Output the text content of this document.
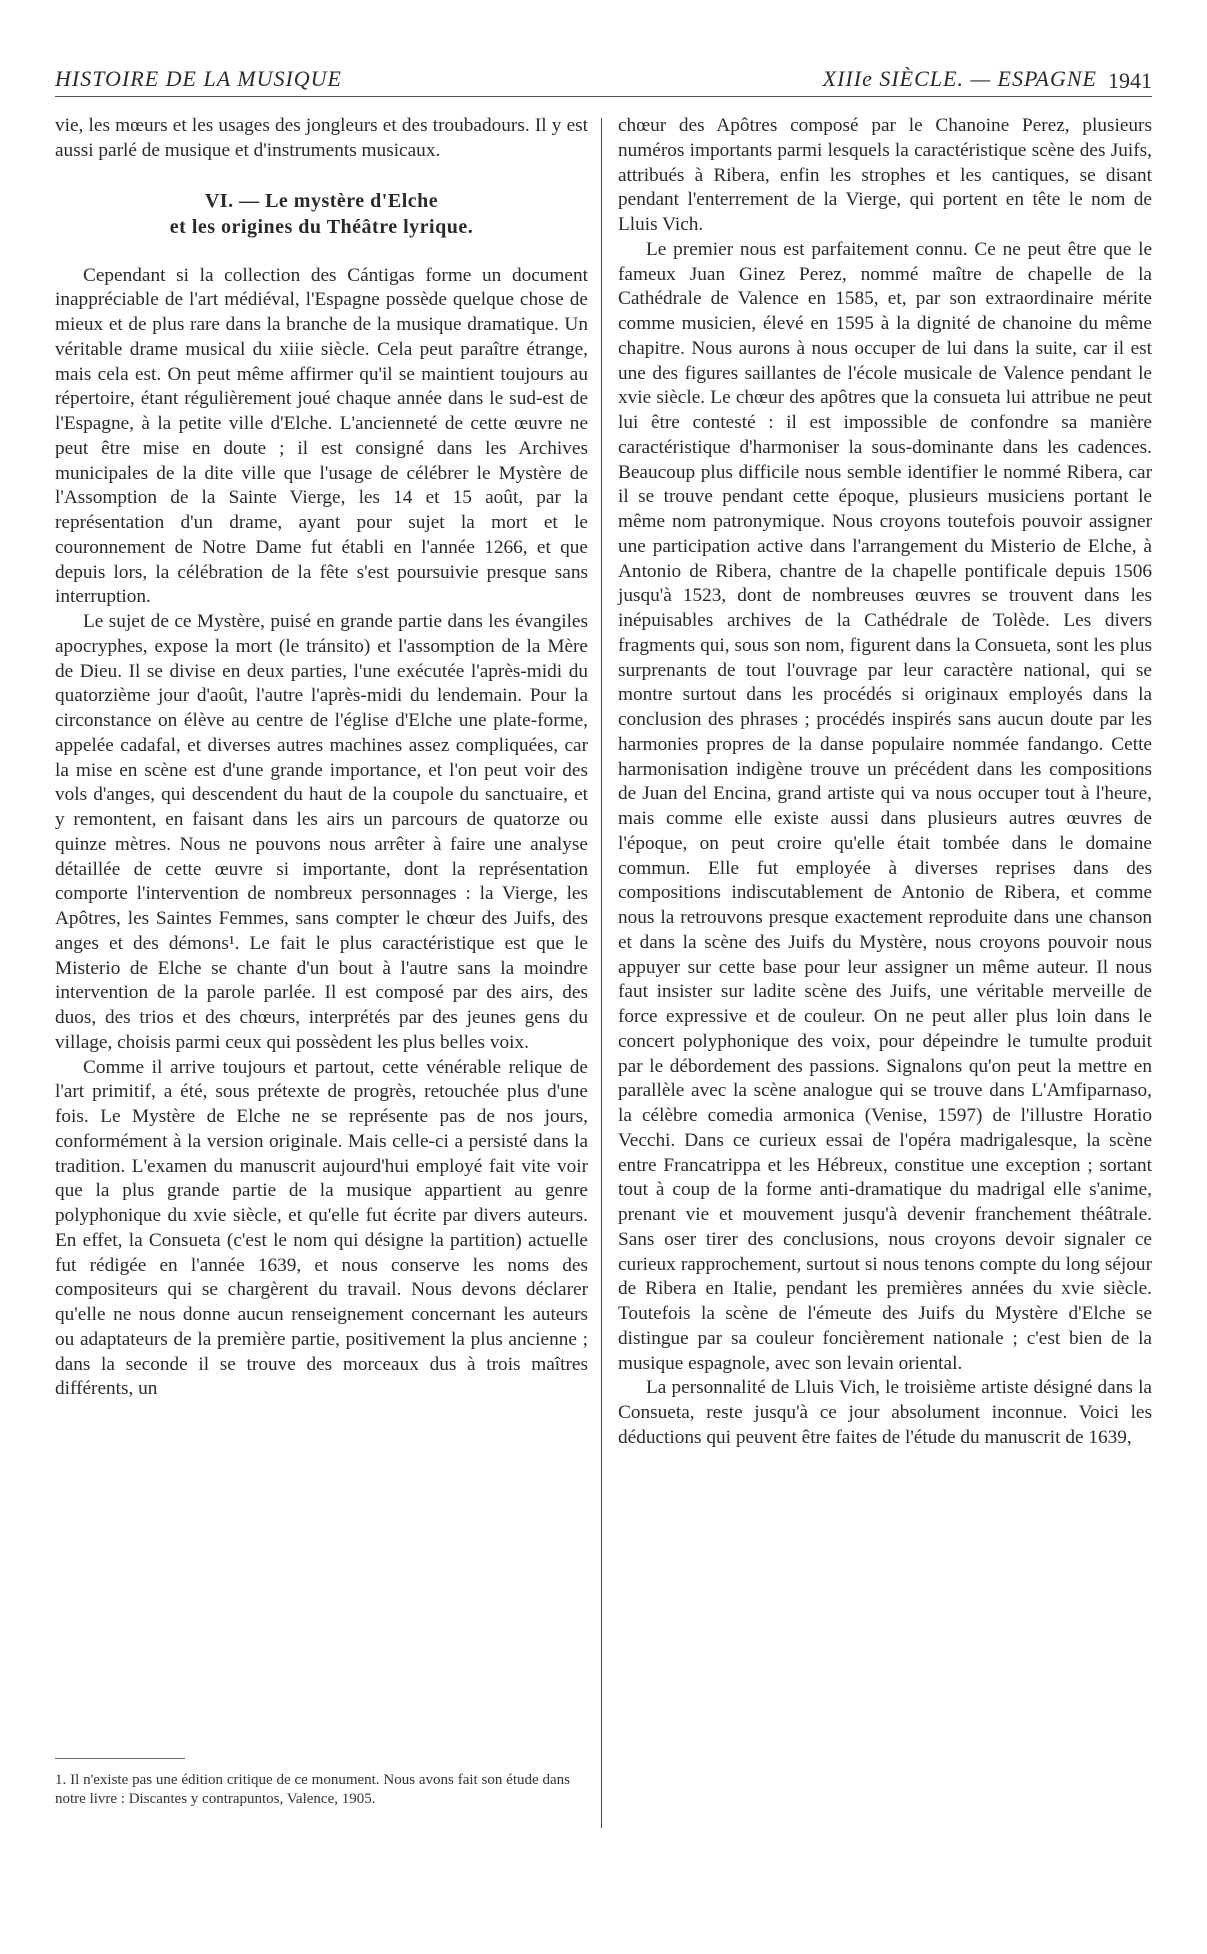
HISTOIRE DE LA MUSIQUE	XIIIe SIÈCLE. — ESPAGNE 1941

vie, les mœurs et les usages des jongleurs et des troubadours. Il y est aussi parlé de musique et d'instruments musicaux.

VI. — Le mystère d'Elche
et les origines du Théâtre lyrique.

Cependant si la collection des Cántigas forme un document inappréciable de l'art médiéval, l'Espagne possède quelque chose de mieux et de plus rare dans la branche de la musique dramatique. Un véritable drame musical du xiiie siècle. Cela peut paraître étrange, mais cela est. On peut même affirmer qu'il se maintient toujours au répertoire, étant régulièrement joué chaque année dans le sud-est de l'Espagne, à la petite ville d'Elche. L'ancienneté de cette œuvre ne peut être mise en doute ; il est consigné dans les Archives municipales de la dite ville que l'usage de célébrer le Mystère de l'Assomption de la Sainte Vierge, les 14 et 15 août, par la représentation d'un drame, ayant pour sujet la mort et le couronnement de Notre Dame fut établi en l'année 1266, et que depuis lors, la célébration de la fête s'est poursuivie presque sans interruption.

Le sujet de ce Mystère, puisé en grande partie dans les évangiles apocryphes, expose la mort (le tránsito) et l'assomption de la Mère de Dieu. Il se divise en deux parties, l'une exécutée l'après-midi du quatorzième jour d'août, l'autre l'après-midi du lendemain. Pour la circonstance on élève au centre de l'église d'Elche une plate-forme, appelée cadafal, et diverses autres machines assez compliquées, car la mise en scène est d'une grande importance, et l'on peut voir des vols d'anges, qui descendent du haut de la coupole du sanctuaire, et y remontent, en faisant dans les airs un parcours de quatorze ou quinze mètres. Nous ne pouvons nous arrêter à faire une analyse détaillée de cette œuvre si importante, dont la représentation comporte l'intervention de nombreux personnages : la Vierge, les Apôtres, les Saintes Femmes, sans compter le chœur des Juifs, des anges et des démons¹. Le fait le plus caractéristique est que le Misterio de Elche se chante d'un bout à l'autre sans la moindre intervention de la parole parlée. Il est composé par des airs, des duos, des trios et des chœurs, interprétés par des jeunes gens du village, choisis parmi ceux qui possèdent les plus belles voix.

Comme il arrive toujours et partout, cette vénérable relique de l'art primitif, a été, sous prétexte de progrès, retouchée plus d'une fois. Le Mystère de Elche ne se représente pas de nos jours, conformément à la version originale. Mais celle-ci a persisté dans la tradition. L'examen du manuscrit aujourd'hui employé fait vite voir que la plus grande partie de la musique appartient au genre polyphonique du xvie siècle, et qu'elle fut écrite par divers auteurs. En effet, la Consueta (c'est le nom qui désigne la partition) actuelle fut rédigée en l'année 1639, et nous conserve les noms des compositeurs qui se chargèrent du travail. Nous devons déclarer qu'elle ne nous donne aucun renseignement concernant les auteurs ou adaptateurs de la première partie, positivement la plus ancienne ; dans la seconde il se trouve des morceaux dus à trois maîtres différents, un

chœur des Apôtres composé par le Chanoine Perez, plusieurs numéros importants parmi lesquels la caractéristique scène des Juifs, attribués à Ribera, enfin les strophes et les cantiques, se disant pendant l'enterrement de la Vierge, qui portent en tête le nom de Lluis Vich.

Le premier nous est parfaitement connu. Ce ne peut être que le fameux Juan Ginez Perez, nommé maître de chapelle de la Cathédrale de Valence en 1585, et, par son extraordinaire mérite comme musicien, élevé en 1595 à la dignité de chanoine du même chapitre. Nous aurons à nous occuper de lui dans la suite, car il est une des figures saillantes de l'école musicale de Valence pendant le xvie siècle. Le chœur des apôtres que la consueta lui attribue ne peut lui être contesté : il est impossible de confondre sa manière caractéristique d'harmoniser la sous-dominante dans les cadences. Beaucoup plus difficile nous semble identifier le nommé Ribera, car il se trouve pendant cette époque, plusieurs musiciens portant le même nom patronymique. Nous croyons toutefois pouvoir assigner une participation active dans l'arrangement du Misterio de Elche, à Antonio de Ribera, chantre de la chapelle pontificale depuis 1506 jusqu'à 1523, dont de nombreuses œuvres se trouvent dans les inépuisables archives de la Cathédrale de Tolède. Les divers fragments qui, sous son nom, figurent dans la Consueta, sont les plus surprenants de tout l'ouvrage par leur caractère national, qui se montre surtout dans les procédés si originaux employés dans la conclusion des phrases ; procédés inspirés sans aucun doute par les harmonies propres de la danse populaire nommée fandango. Cette harmonisation indigène trouve un précédent dans les compositions de Juan del Encina, grand artiste qui va nous occuper tout à l'heure, mais comme elle existe aussi dans plusieurs autres œuvres de l'époque, on peut croire qu'elle était tombée dans le domaine commun. Elle fut employée à diverses reprises dans des compositions indiscutablement de Antonio de Ribera, et comme nous la retrouvons presque exactement reproduite dans une chanson et dans la scène des Juifs du Mystère, nous croyons pouvoir nous appuyer sur cette base pour leur assigner un même auteur. Il nous faut insister sur ladite scène des Juifs, une véritable merveille de force expressive et de couleur. On ne peut aller plus loin dans le concert polyphonique des voix, pour dépeindre le tumulte produit par le débordement des passions. Signalons qu'on peut la mettre en parallèle avec la scène analogue qui se trouve dans L'Amfiparnaso, la célèbre comedia armonica (Venise, 1597) de l'illustre Horatio Vecchi. Dans ce curieux essai de l'opéra madrigalesque, la scène entre Francatrippa et les Hébreux, constitue une exception ; sortant tout à coup de la forme anti-dramatique du madrigal elle s'anime, prenant vie et mouvement jusqu'à devenir franchement théâtrale. Sans oser tirer des conclusions, nous croyons devoir signaler ce curieux rapprochement, surtout si nous tenons compte du long séjour de Ribera en Italie, pendant les premières années du xvie siècle. Toutefois la scène de l'émeute des Juifs du Mystère d'Elche se distingue par sa couleur foncièrement nationale ; c'est bien de la musique espagnole, avec son levain oriental.

La personnalité de Lluis Vich, le troisième artiste désigné dans la Consueta, reste jusqu'à ce jour absolument inconnue. Voici les déductions qui peuvent être faites de l'étude du manuscrit de 1639,

1. Il n'existe pas une édition critique de ce monument. Nous avons fait son étude dans notre livre : Discantes y contrapuntos, Valence, 1905.
